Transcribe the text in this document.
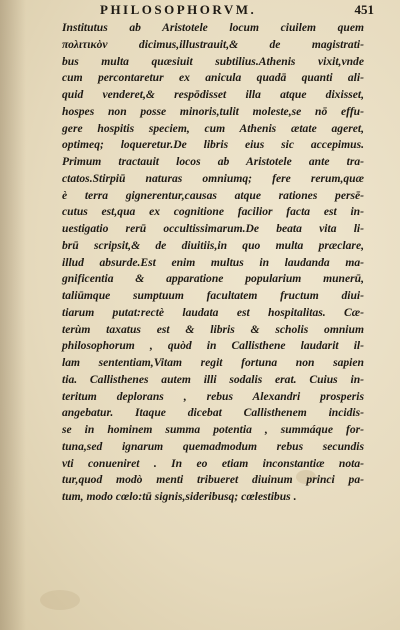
PHILOSOPHORVM.	451
Institutus ab Aristotele locum ciuilem quem
πολιτικὸν dicimus,illustrauit,& de magistrati-
bus multa quæsiuit subtilius.Athenis vixit,vnde
cum percontaretur ex anicula quadā quanti ali-
quid venderet,& respōdisset illa atque dixisset,
hospes non posse minoris,tulit moleste,se nō effu-
gere hospitis speciem, cum Athenis ætate ageret,
optimeq; loqueretur.De libris eius sic accepimus.
Primum tractauit locos ab Aristotele ante tra-
ctatos.Stirpiū naturas omniumq; fere rerum,quæ
è terra gignerentur,causas atque rationes persē-
cutus est,qua ex cognitione facilior facta est in-
uestigatio rerū occultissimarum.De beata vita li-
brū scripsit,& de diuitiis,in quo multa præclare,
illud absurde.Est enim multus in laudanda ma-
gnificentia & apparatione popularium munerū,
taliūmque sumptuum facultatem fructum diui-
tiarum putat:rectè laudata est hospitalitas. Cæ-
terùm taxatus est & libris & scholis omnium
philosophorum , quòd in Callisthene laudarit il-
lam sententiam,Vitam regit fortuna non sapien
tia. Callisthenes autem illi sodalis erat. Cuius in-
teritum deplorans , rebus Alexandri prosperis
angebatur. Itaque dicebat Callisthenem incidis-
se in hominem summa potentia , summáque for-
tuna,sed ignarum quemadmodum rebus secundis
vti conueniret . In eo etiam inconstantiæ nota-
tur,quod modò menti tribueret diuinum princi pa-
tum, modo cœlo:tū signis,sideribusq; cœlestibus .
